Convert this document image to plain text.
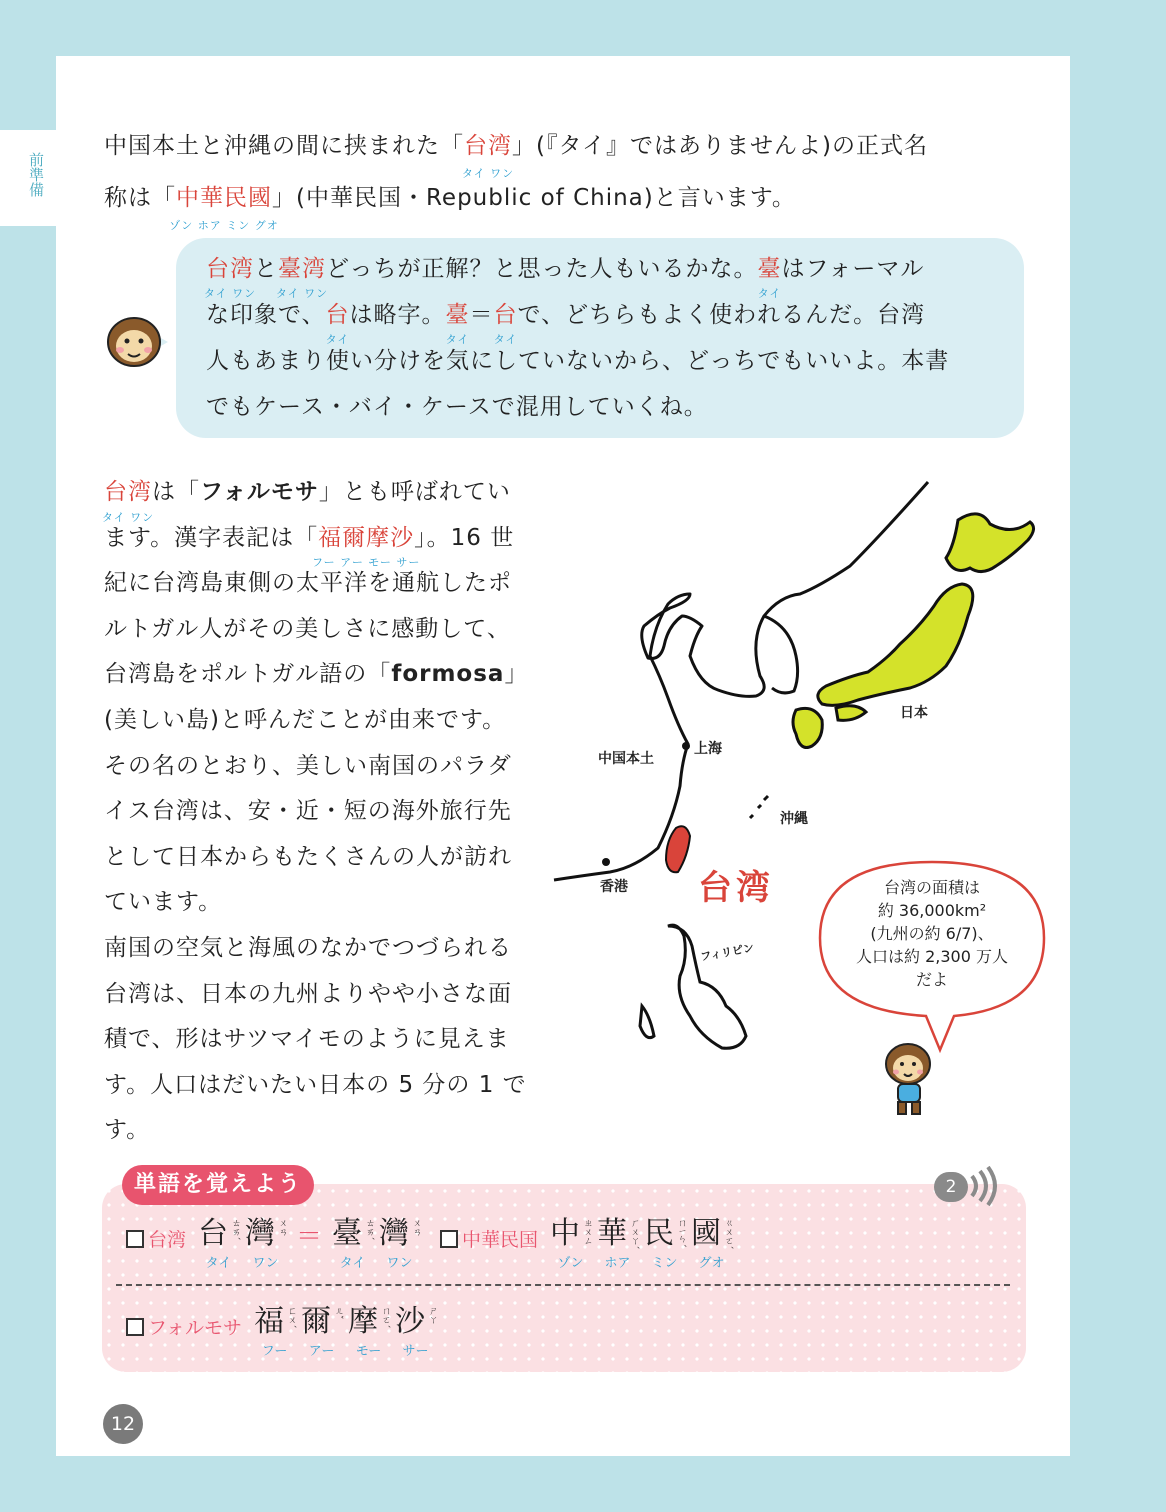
前準備
中国本土と沖縄の間に挟まれた「台湾
タイ ワン
」(『タイ』ではありませんよ)の正式名
称は「中華民國
ゾン ホア ミン グオ
」(中華民国・Republic of China)と言います。
台湾
タイ ワン
と臺湾
タイ ワン
どっちが正解？と思った人もいるかな。臺
タイ
はフォーマル
な印象で、台
タイ
は略字。臺
タイ
＝台
タイ
で、どちらもよく使われるんだ。台湾
人もあまり使い分けを気にしていないから、どっちでもいいよ。本書
でもケース・バイ・ケースで混用していくね。
台湾
タイ ワン
は「フォルモサ」とも呼ばれてい
ます。漢字表記は「福爾摩沙
フー アー モー サー
」。16 世
紀に台湾島東側の太平洋を通航したポ
ルトガル人がその美しさに感動して、
台湾島をポルトガル語の「formosa」
(美しい島)と呼んだことが由来です。
その名のとおり、美しい南国のパラダ
イス台湾は、安・近・短の海外旅行先
として日本からもたくさんの人が訪れ
ています。
南国の空気と海風のなかでつづられる
台湾は、日本の九州よりやや小さな面
積で、形はサツマイモのように見えま
す。人口はだいたい日本の 5 分の 1 で
す。
日本
中国本土
上海
沖縄
香港 台湾
フィリピン
台湾の面積は
約 36,000km²
(九州の約 6/7)、
人口は約 2,300 万人
だよ
単語を覚えよう	2
台湾 台 ㄊㄞˊ
タイ
灣 ㄨㄢ
ワン
＝ 臺 ㄊㄞˊ
タイ
灣 ㄨㄢ
ワン
中華民国 中 ㄓㄨㄥ
ゾン
華 ㄏㄨㄚˊ
ホア
民 ㄇㄧㄣˊ
ミン
國 ㄍㄨㄛˊ
グオ
フォルモサ 福 ㄈㄨˊ
フー
爾 ㄦˇ
アー
摩 ㄇㄛˊ
モー
沙 ㄕㄚ
サー
12
